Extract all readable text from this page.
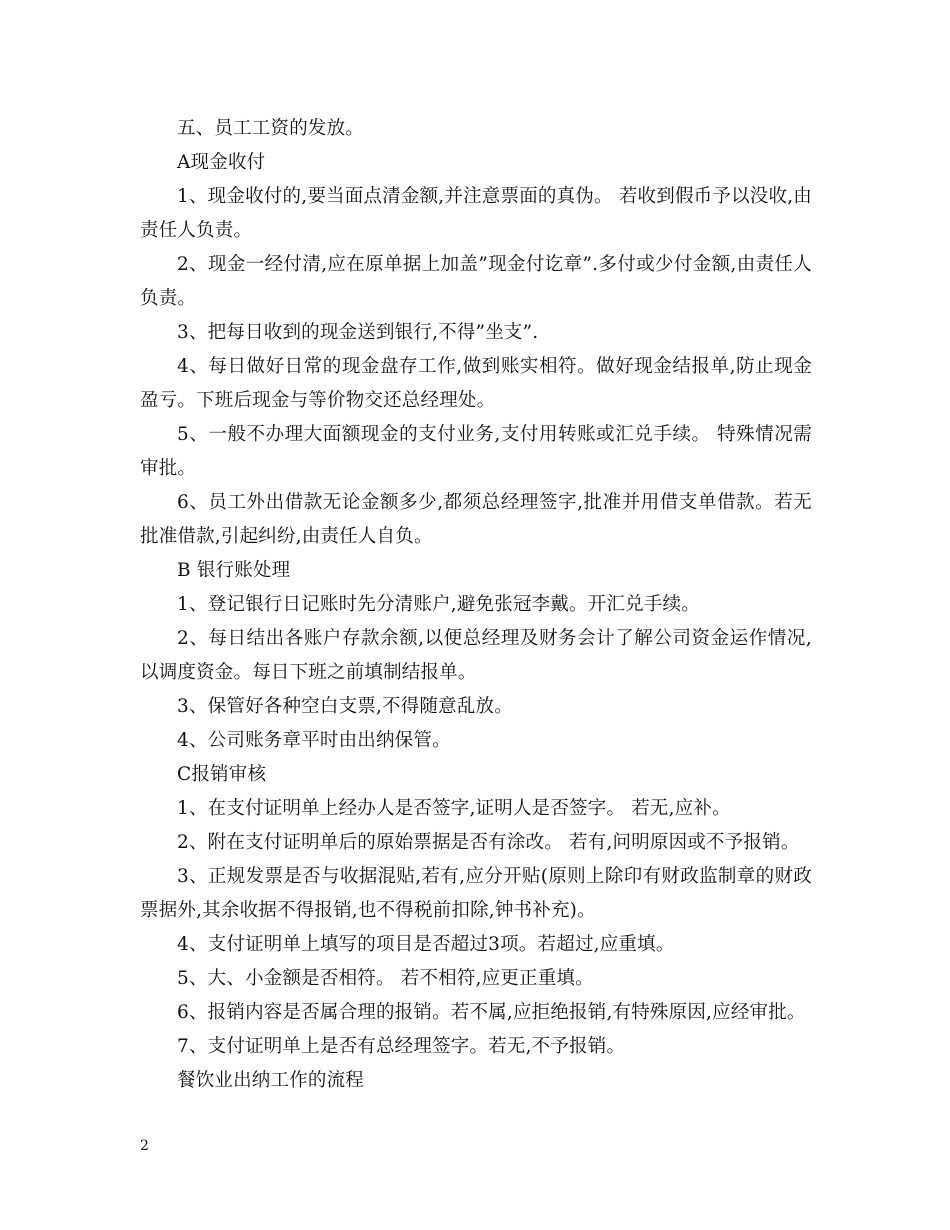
五、员工工资的发放。

A现金收付

1、现金收付的,要当面点清金额,并注意票面的真伪。 若收到假币予以没收,由责任人负责。

2、现金一经付清,应在原单据上加盖”现金付讫章”.多付或少付金额,由责任人负责。

3、把每日收到的现金送到银行,不得”坐支”.

4、每日做好日常的现金盘存工作,做到账实相符。做好现金结报单,防止现金盈亏。下班后现金与等价物交还总经理处。

5、一般不办理大面额现金的支付业务,支付用转账或汇兑手续。 特殊情况需审批。

6、员工外出借款无论金额多少,都须总经理签字,批准并用借支单借款。若无批准借款,引起纠纷,由责任人自负。

B 银行账处理

1、登记银行日记账时先分清账户,避免张冠李戴。开汇兑手续。

2、每日结出各账户存款余额,以便总经理及财务会计了解公司资金运作情况,以调度资金。每日下班之前填制结报单。

3、保管好各种空白支票,不得随意乱放。

4、公司账务章平时由出纳保管。

C报销审核

1、在支付证明单上经办人是否签字,证明人是否签字。 若无,应补。

2、附在支付证明单后的原始票据是否有涂改。 若有,问明原因或不予报销。

3、正规发票是否与收据混贴,若有,应分开贴(原则上除印有财政监制章的财政票据外,其余收据不得报销,也不得税前扣除,钟书补充)。

4、支付证明单上填写的项目是否超过3项。若超过,应重填。

5、大、小金额是否相符。 若不相符,应更正重填。

6、报销内容是否属合理的报销。若不属,应拒绝报销,有特殊原因,应经审批。

7、支付证明单上是否有总经理签字。若无,不予报销。

餐饮业出纳工作的流程

2
